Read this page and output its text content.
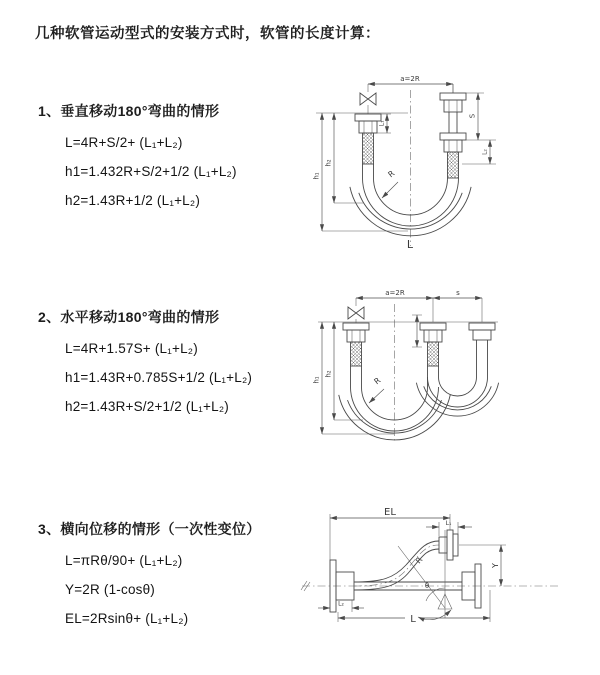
几种软管运动型式的安装方式时，软管的长度计算：
1、垂直移动180°弯曲的情形
L=4R+S/2+ (L₁+L₂)
h1=1.432R+S/2+1/2 (L₁+L₂)
h2=1.43R+1/2 (L₁+L₂)
2、水平移动180°弯曲的情形
L=4R+1.57S+ (L₁+L₂)
h1=1.43R+0.785S+1/2 (L₁+L₂)
h2=1.43R+S/2+1/2 (L₁+L₂)
3、横向位移的情形（一次性变位）
L=πRθ/90+ (L₁+L₂)
Y=2R (1-cosθ)
EL=2Rsinθ+ (L₁+L₂)
a=2R
h₁
h₂
L₁
S
L₂
R
L
a=2R	s
h₁
h₂
R
EL
L₁
Y
R
θ
L
L₂
